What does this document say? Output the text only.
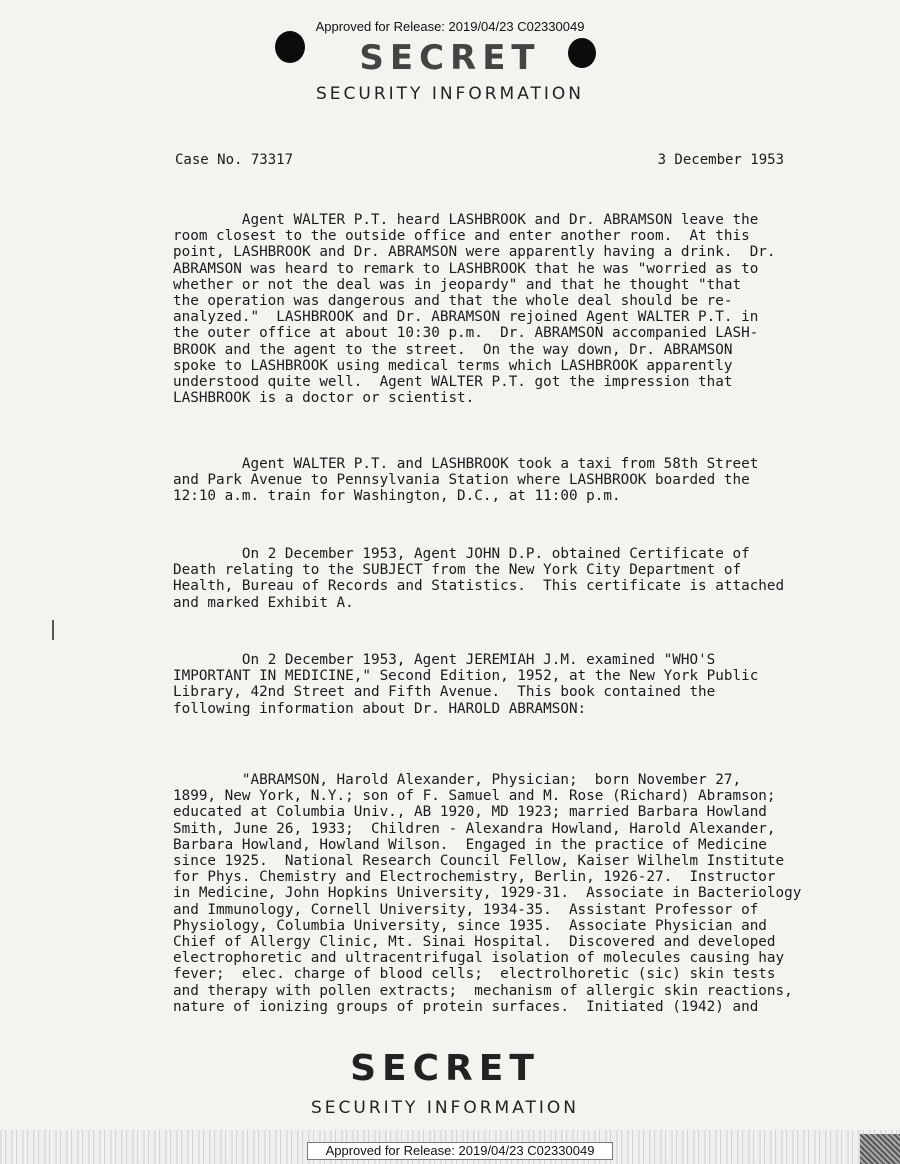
Approved for Release: 2019/04/23 C02330049
SECRET
SECURITY INFORMATION
Case No. 73317	3 December 1953
Agent WALTER P.T. heard LASHBROOK and Dr. ABRAMSON leave the
room closest to the outside office and enter another room.  At this
point, LASHBROOK and Dr. ABRAMSON were apparently having a drink.  Dr.
ABRAMSON was heard to remark to LASHBROOK that he was "worried as to
whether or not the deal was in jeopardy" and that he thought "that
the operation was dangerous and that the whole deal should be re-
analyzed."  LASHBROOK and Dr. ABRAMSON rejoined Agent WALTER P.T. in
the outer office at about 10:30 p.m.  Dr. ABRAMSON accompanied LASH-
BROOK and the agent to the street.  On the way down, Dr. ABRAMSON
spoke to LASHBROOK using medical terms which LASHBROOK apparently
understood quite well.  Agent WALTER P.T. got the impression that
LASHBROOK is a doctor or scientist.
Agent WALTER P.T. and LASHBROOK took a taxi from 58th Street
and Park Avenue to Pennsylvania Station where LASHBROOK boarded the
12:10 a.m. train for Washington, D.C., at 11:00 p.m.
On 2 December 1953, Agent JOHN D.P. obtained Certificate of
Death relating to the SUBJECT from the New York City Department of
Health, Bureau of Records and Statistics.  This certificate is attached
and marked Exhibit A.
On 2 December 1953, Agent JEREMIAH J.M. examined "WHO'S
IMPORTANT IN MEDICINE," Second Edition, 1952, at the New York Public
Library, 42nd Street and Fifth Avenue.  This book contained the
following information about Dr. HAROLD ABRAMSON:
"ABRAMSON, Harold Alexander, Physician;  born November 27,
1899, New York, N.Y.; son of F. Samuel and M. Rose (Richard) Abramson;
educated at Columbia Univ., AB 1920, MD 1923; married Barbara Howland
Smith, June 26, 1933;  Children - Alexandra Howland, Harold Alexander,
Barbara Howland, Howland Wilson.  Engaged in the practice of Medicine
since 1925.  National Research Council Fellow, Kaiser Wilhelm Institute
for Phys. Chemistry and Electrochemistry, Berlin, 1926-27.  Instructor
in Medicine, John Hopkins University, 1929-31.  Associate in Bacteriology
and Immunology, Cornell University, 1934-35.  Assistant Professor of
Physiology, Columbia University, since 1935.  Associate Physician and
Chief of Allergy Clinic, Mt. Sinai Hospital.  Discovered and developed
electrophoretic and ultracentrifugal isolation of molecules causing hay
fever;  elec. charge of blood cells;  electrolhoretic (sic) skin tests
and therapy with pollen extracts;  mechanism of allergic skin reactions,
nature of ionizing groups of protein surfaces.  Initiated (1942) and
SECRET
SECURITY INFORMATION
Approved for Release: 2019/04/23 C02330049
